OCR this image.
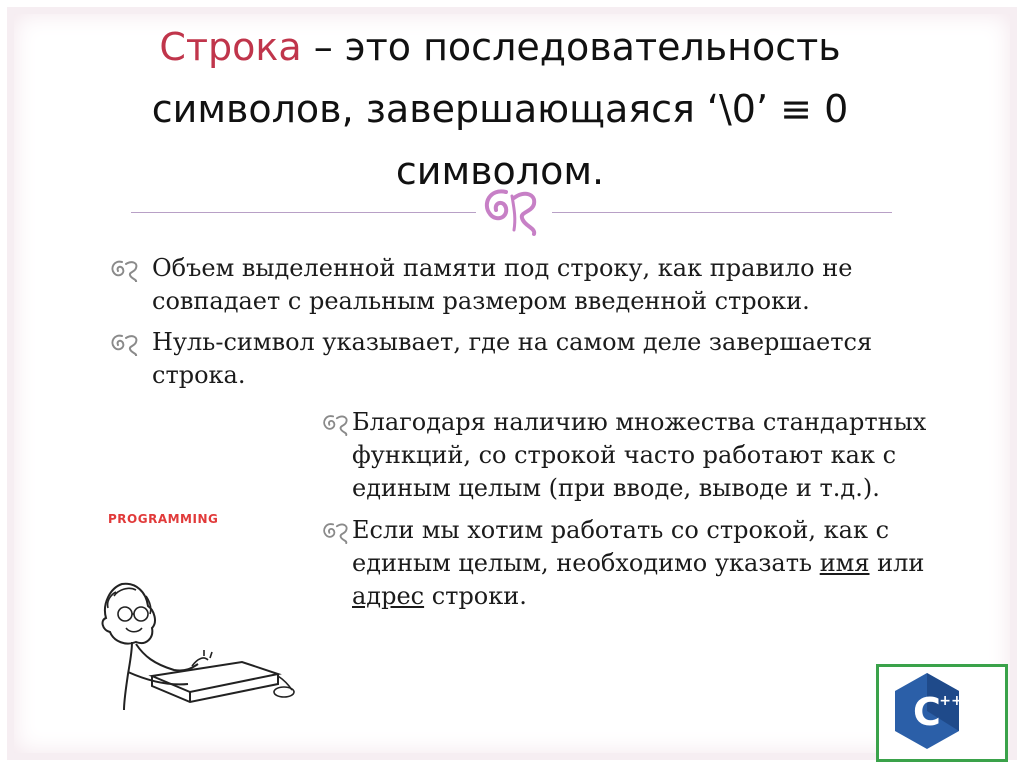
Строка – это последовательность символов, завершающаяся ‘\0’ ≡ 0 символом.
Объем выделенной памяти под строку, как правило не совпадает с реальным размером введенной строки.
Нуль-символ указывает, где на самом деле завершается строка.
Благодаря наличию множества стандартных функций, со строкой часто работают как с единым целым (при вводе, выводе и т.д.).
Если мы хотим работать со строкой, как с единым целым, необходимо указать имя или адрес строки.
PROGRAMMING
C
++
